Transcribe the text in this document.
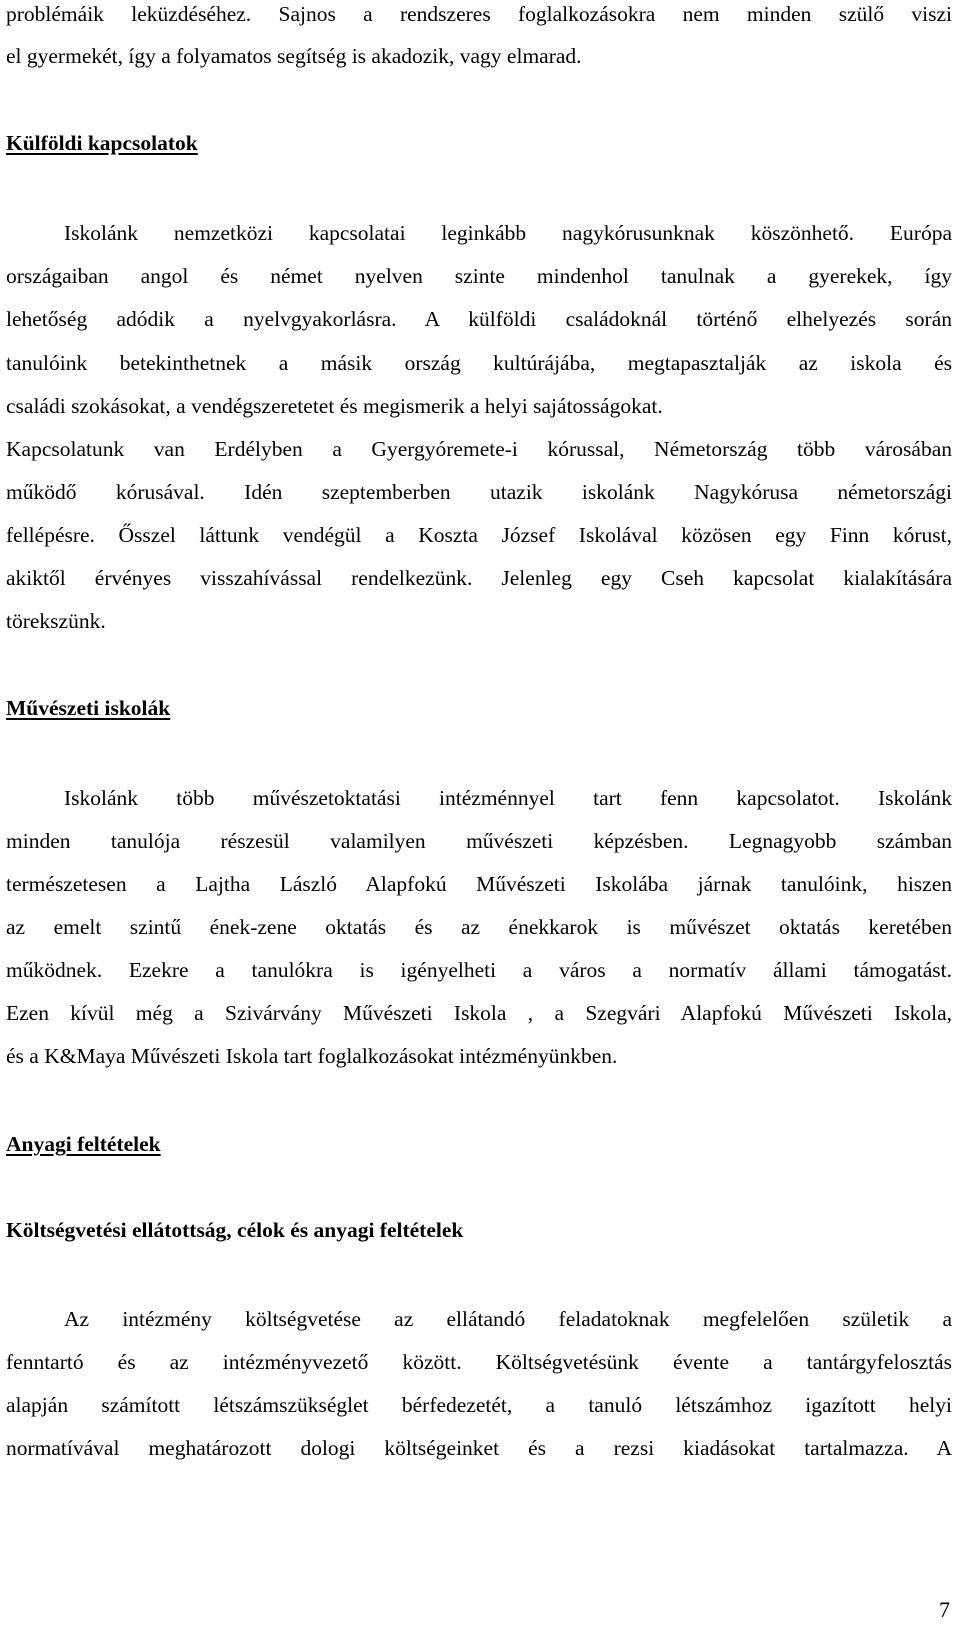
problémáik leküzdéséhez. Sajnos a rendszeres foglalkozásokra nem minden szülő viszi
el gyermekét, így a folyamatos segítség is akadozik, vagy elmarad.
Külföldi kapcsolatok
Iskolánk nemzetközi kapcsolatai leginkább nagykórusunknak köszönhető. Európa
országaiban angol és német nyelven szinte mindenhol tanulnak a gyerekek, így
lehetőség adódik a nyelvgyakorlásra. A külföldi családoknál történő elhelyezés során
tanulóink betekinthetnek a másik ország kultúrájába, megtapasztalják az iskola és
családi szokásokat, a vendégszeretetet és megismerik a helyi sajátosságokat.
Kapcsolatunk van Erdélyben a Gyergyóremete-i kórussal, Németország több városában
működő kórusával. Idén szeptemberben utazik iskolánk Nagykórusa németországi
fellépésre. Ősszel láttunk vendégül a Koszta József Iskolával közösen egy Finn kórust,
akiktől érvényes visszahívással rendelkezünk. Jelenleg egy Cseh kapcsolat kialakítására
törekszünk.
Művészeti iskolák
Iskolánk több művészetoktatási intézménnyel tart fenn kapcsolatot. Iskolánk
minden tanulója részesül valamilyen művészeti képzésben. Legnagyobb számban
természetesen a Lajtha László Alapfokú Művészeti Iskolába járnak tanulóink, hiszen
az emelt szintű ének-zene oktatás és az énekkarok is művészet oktatás keretében
működnek. Ezekre a tanulókra is igényelheti a város a normatív állami támogatást.
Ezen kívül még a Szivárvány Művészeti Iskola , a Szegvári Alapfokú Művészeti Iskola,
és a K&Maya Művészeti Iskola tart foglalkozásokat intézményünkben.
Anyagi feltételek
Költségvetési ellátottság, célok és anyagi feltételek
Az intézmény költségvetése az ellátandó feladatoknak megfelelően születik a
fenntartó és az intézményvezető között. Költségvetésünk évente a tantárgyfelosztás
alapján számított létszámszükséglet bérfedezetét, a tanuló létszámhoz igazított helyi
normatívával meghatározott dologi költségeinket és a rezsi kiadásokat tartalmazza. A
7
